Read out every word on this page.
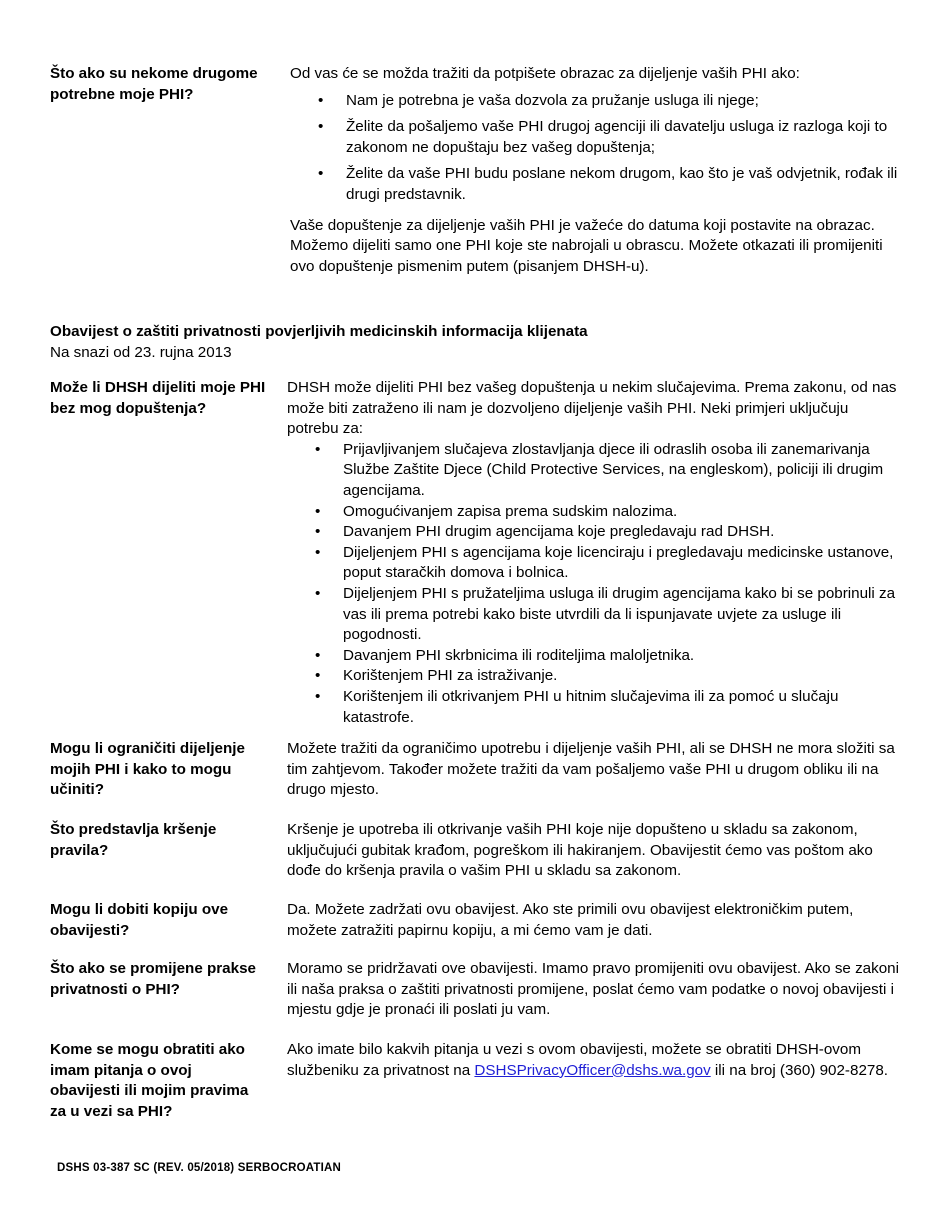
Što ako su nekome drugome potrebne moje PHI?

Od vas će se možda tražiti da potpišete obrazac za dijeljenje vaših PHI ako:

• Nam je potrebna je vaša dozvola za pružanje usluga ili njege;
• Želite da pošaljemo vaše PHI drugoj agenciji ili davatelju usluga iz razloga koji to zakonom ne dopuštaju bez vašeg dopuštenja;
• Želite da vaše PHI budu poslane nekom drugom, kao što je vaš odvjetnik, rođak ili drugi predstavnik.

Vaše dopuštenje za dijeljenje vaših PHI je važeće do datuma koji postavite na obrazac. Možemo dijeliti samo one PHI koje ste nabrojali u obrascu. Možete otkazati ili promijeniti ovo dopuštenje pismenim putem (pisanjem DHSH-u).

Obavijest o zaštiti privatnosti povjerljivih medicinskih informacija klijenata
Na snazi od 23. rujna 2013
Može li DHSH dijeliti moje PHI bez mog dopuštenja?

DHSH može dijeliti PHI bez vašeg dopuštenja u nekim slučajevima. Prema zakonu, od nas može biti zatraženo ili nam je dozvoljeno dijeljenje vaših PHI. Neki primjeri uključuju potrebu za:

• Prijavljivanjem slučajeva zlostavljanja djece ili odraslih osoba ili zanemarivanja Službe Zaštite Djece (Child Protective Services, na engleskom), policiji ili drugim agencijama.
• Omogućivanjem zapisa prema sudskim nalozima.
• Davanjem PHI drugim agencijama koje pregledavaju rad DHSH.
• Dijeljenjem PHI s agencijama koje licenciraju i pregledavaju medicinske ustanove, poput staračkih domova i bolnica.
• Dijeljenjem PHI s pružateljima usluga ili drugim agencijama kako bi se pobrinuli za vas ili prema potrebi kako biste utvrdili da li ispunjavate uvjete za usluge ili pogodnosti.
• Davanjem PHI skrbnicima ili roditeljima maloljetnika.
• Korištenjem PHI za istraživanje.
• Korištenjem ili otkrivanjem PHI u hitnim slučajevima ili za pomoć u slučaju katastrofe.
Mogu li ograničiti dijeljenje mojih PHI i kako to mogu učiniti?
Možete tražiti da ograničimo upotrebu i dijeljenje vaših PHI, ali se DHSH ne mora složiti sa tim zahtjevom. Također možete tražiti da vam pošaljemo vaše PHI u drugom obliku ili na drugo mjesto.
Što predstavlja kršenje pravila?
Kršenje je upotreba ili otkrivanje vaših PHI koje nije dopušteno u skladu sa zakonom, uključujući gubitak krađom, pogreškom ili hakiranjem. Obavijestit ćemo vas poštom ako dođe do kršenja pravila o vašim PHI u skladu sa zakonom.
Mogu li dobiti kopiju ove obavijesti?
Da. Možete zadržati ovu obavijest. Ako ste primili ovu obavijest elektroničkim putem, možete zatražiti papirnu kopiju, a mi ćemo vam je dati.
Što ako se promijene prakse privatnosti o PHI?
Moramo se pridržavati ove obavijesti. Imamo pravo promijeniti ovu obavijest. Ako se zakoni ili naša praksa o zaštiti privatnosti promijene, poslat ćemo vam podatke o novoj obavijesti i mjestu gdje je pronaći ili poslati ju vam.
Kome se mogu obratiti ako imam pitanja o ovoj obavijesti ili mojim pravima za u vezi sa PHI?
Ako imate bilo kakvih pitanja u vezi s ovom obavijesti, možete se obratiti DHSH-ovom službeniku za privatnost na DSHSPrivacyOfficer@dshs.wa.gov ili na broj (360) 902-8278.
DSHS 03-387 SC (REV. 05/2018) SERBOCROATIAN
